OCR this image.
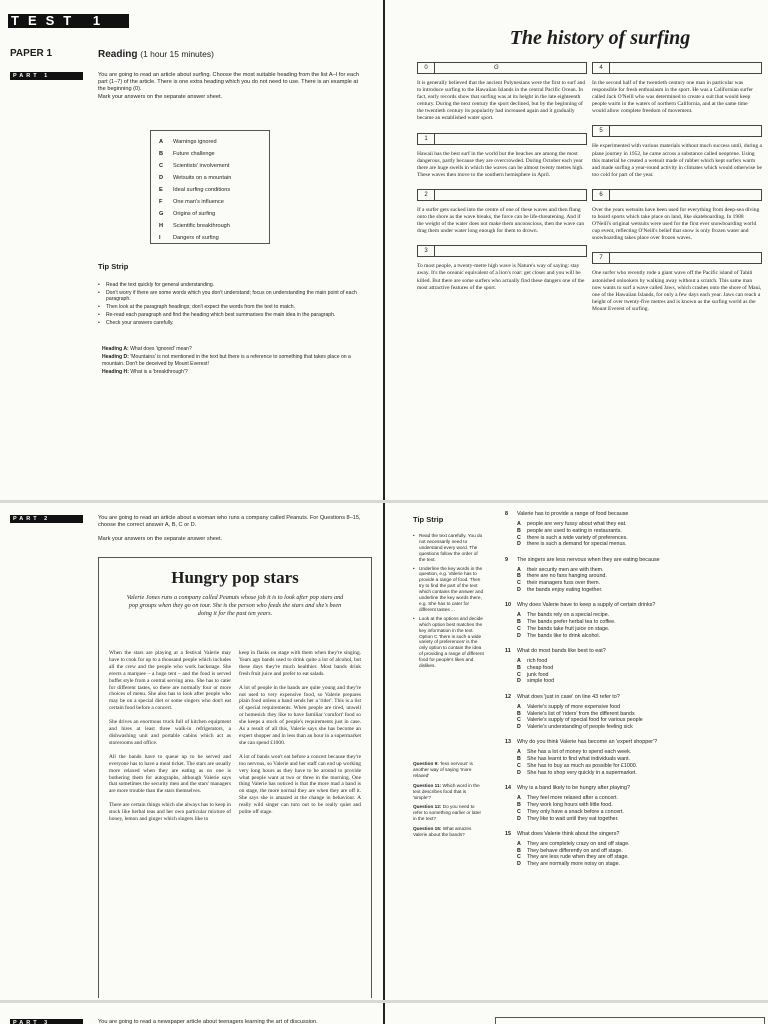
TEST 1
PAPER 1	Reading (1 hour 15 minutes)
PART 1	You are going to read an article about surfing. Choose the most suitable heading from the list A–I for each part (1–7) of the article. There is one extra heading which you do not need to use. There is an example at the beginning (0).
Mark your answers on the separate answer sheet.
A Warnings ignored
B Future challenge
C Scientists' involvement
D Wetsuits on a mountain
E Ideal surfing conditions
F One man's influence
G Origins of surfing
H Scientific breakthrough
I Dangers of surfing
Tip Strip
• Read the text quickly for general understanding.
• Don't worry if there are some words which you don't understand; focus on understanding the main point of each paragraph.
• Then look at the paragraph headings; don't expect the words from the text to match.
• Re-read each paragraph and find the heading which best summarises the main idea in the paragraph.
• Check your answers carefully.
Heading A: What does 'ignored' mean?
Heading D: 'Mountains' is not mentioned in the text but there is a reference to something that takes place on a mountain. Don't be deceived by Mount Everest!
Heading H: What is a 'breakthrough'?
The history of surfing
0	G
It is generally believed that the ancient Polynesians were the first to surf and to introduce surfing to the Hawaiian Islands in the central Pacific Ocean. In fact, early records show that surfing was at its height in the late eighteenth century. During the next century the sport declined, but by the beginning of the twentieth century its popularity had increased again and it gradually became an established water sport.
1
Hawaii has the best surf in the world but the beaches are among the most dangerous, partly because they are overcrowded. During October each year there are huge swells in which the waves can be almost twenty metres high. These waves then move to the southern hemisphere in April.
2
If a surfer gets sucked into the centre of one of these waves and then flung onto the shore as the wave breaks, the force can be life-threatening. And if the weight of the water does not make them unconscious, then the wave can drag them under water long enough for them to drown.
3
To most people, a twenty-metre high wave is Nature's way of saying: stay away. It's the oceanic equivalent of a lion's roar: get closer and you will be killed. But there are some surfers who actually find these dangers one of the most attractive features of the sport.
4
In the second half of the twentieth century one man in particular was responsible for fresh enthusiasm in the sport. He was a Californian surfer called Jack O'Neill who was determined to create a suit that would keep people warm in the waters of northern California, and at the same time would allow complete freedom of movement.
5
He experimented with various materials without much success until, during a plane journey in 1952, he came across a substance called neoprene. Using this material he created a wetsuit made of rubber which kept surfers warm and made surfing a year-round activity in climates which would otherwise be too cold for part of the year.
6
Over the years wetsuits have been used for everything from deep-sea diving to board sports which take place on land, like skateboarding. In 1988 O'Neill's original wetsuits were used for the first ever snowboarding world cup event, reflecting O'Neill's belief that snow is only frozen water and snowboarding takes place over frozen waves.
7
One surfer who recently rode a giant wave off the Pacific island of Tahiti astonished onlookers by walking away without a scratch. This same man now wants to surf a wave called Jaws, which crashes onto the shore of Maui, one of the Hawaiian Islands, for only a few days each year. Jaws can reach a height of over twenty-five metres and is known as the surfing world as the Mount Everest of surfing.
PART 2	You are going to read an article about a woman who runs a company called Peanuts. For Questions 8–15, choose the correct answer A, B, C or D.
Mark your answers on the separate answer sheet.
Hungry pop stars
Valerie Jones runs a company called Peanuts whose job it is to look after pop stars and pop groups when they go on tour. She is the person who feeds the stars and she's been doing it for the past ten years.
When the stars are playing at a festival Valerie may have to cook for up to a thousand people which includes all the crew and the people who work backstage. She erects a marquee – a huge tent – and the food is served buffet style from a central serving area. She has to cater for different tastes, so there are normally four or more choices of menu. She also has to look after people who may be on a special diet or some singers who don't eat certain food before a concert.
She drives an enormous truck full of kitchen equipment and hires at least three walk-in refrigerators, a dishwashing unit and portable cabins which act as storerooms and office.
All the bands have to queue up to be served and everyone has to have a meal ticket. The stars are usually more relaxed when they are eating as no one is bothering them for autographs, although Valerie says that sometimes the security men and the stars' managers are more trouble than the stars themselves.
There are certain things which she always has to keep in stock like herbal teas and her own particular mixture of honey, lemon and ginger which singers like to
keep in flasks on stage with them when they're singing. Years ago bands used to drink quite a lot of alcohol, but these days they're much healthier. Most bands drink fresh fruit juice and prefer to eat salads.
A lot of people in the bands are quite young and they're not used to very expensive food, so Valerie prepares plain food unless a band sends her a 'rider'. This is a list of special requirements. When people are tired, unwell or homesick they like to have familiar 'comfort' food so she keeps a stock of people's requirements just in case. As a result of all this, Valerie says she has become an expert shopper and in less than an hour in a supermarket she can spend £1000.
A lot of bands won't eat before a concert because they're too nervous, so Valerie and her staff can end up working very long hours as they have to be around to provide what people want at two or three in the morning. One thing Valerie has noticed is that the more mad a band is on stage, the more normal they are when they are off it. She says she is amazed at the change in behaviour. A really wild singer can turn out to be really quiet and polite off stage.
Tip Strip
• Read the text carefully. You do not necessarily need to understand every word. The questions follow the order of the text.
• Underline the key words in the question, e.g. Valerie has to provide a range of food. Then try to find the part of the text which contains the answer and underline the key words there, e.g. She has to cater for different tastes ...
• Look at the options and decide which option best matches the key information in the text. Option C 'there is such a wide variety of preferences' is the only option to contain the idea of providing a range of different food for people's likes and dislikes.
Question 9: 'less nervous' is another way of saying 'more relaxed'
Question 11: Which word in the text describes food that is 'simple'?
Question 12: Do you need to refer to something earlier or later in the text?
Question 15: What amazes Valerie about the bands?
8 Valerie has to provide a range of food because
A people are very fussy about what they eat.
B people are used to eating in restaurants.
C there is such a wide variety of preferences.
D there is such a demand for special menus.
9 The singers are less nervous when they are eating because
A their security men are with them.
B there are no fans hanging around.
C their managers fuss over them.
D the bands enjoy eating together.
10 Why does Valerie have to keep a supply of certain drinks?
A The bands rely on a special recipe.
B The bands prefer herbal tea to coffee.
C The bands take fruit juice on stage.
D The bands like to drink alcohol.
11 What do most bands like best to eat?
A rich food
B cheap food
C junk food
D simple food
12 What does 'just in case' on line 43 refer to?
A Valerie's supply of more expensive food
B Valerie's list of 'riders' from the different bands
C Valerie's supply of special food for various people
D Valerie's understanding of people feeling sick
13 Why do you think Valerie has become an 'expert shopper'?
A She has a lot of money to spend each week.
B She has learnt to find what individuals want.
C She has to buy as much as possible for £1000.
D She has to shop very quickly in a supermarket.
14 Why is a band likely to be hungry after playing?
A They feel more relaxed after a concert.
B They work long hours with little food.
C They only have a snack before a concert.
D They like to wait until they eat together.
15 What does Valerie think about the singers?
A They are completely crazy on and off stage.
B They behave differently on and off stage.
C They are less rude when they are off stage.
D They are normally more noisy on stage.
PART 3	You are going to read a newspaper article about teenagers learning the art of discussion.
